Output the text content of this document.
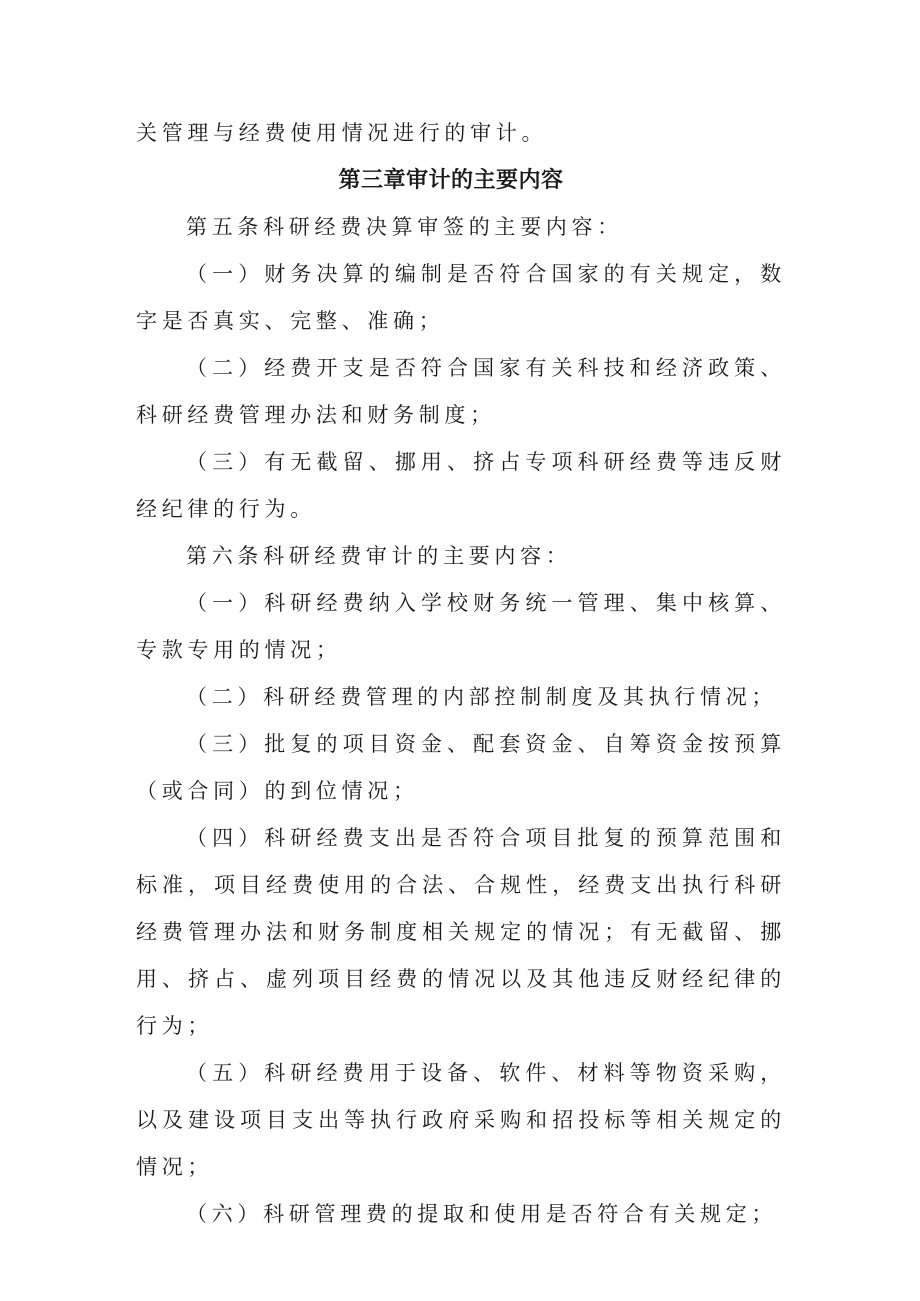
关管理与经费使用情况进行的审计。

第三章审计的主要内容

第五条科研经费决算审签的主要内容：

（一）财务决算的编制是否符合国家的有关规定，数字是否真实、完整、准确；

（二）经费开支是否符合国家有关科技和经济政策、科研经费管理办法和财务制度；

（三）有无截留、挪用、挤占专项科研经费等违反财经纪律的行为。

第六条科研经费审计的主要内容：

（一）科研经费纳入学校财务统一管理、集中核算、专款专用的情况；

（二）科研经费管理的内部控制制度及其执行情况；

（三）批复的项目资金、配套资金、自筹资金按预算（或合同）的到位情况；

（四）科研经费支出是否符合项目批复的预算范围和标准，项目经费使用的合法、合规性，经费支出执行科研经费管理办法和财务制度相关规定的情况；有无截留、挪用、挤占、虚列项目经费的情况以及其他违反财经纪律的行为；

（五）科研经费用于设备、软件、材料等物资采购，以及建设项目支出等执行政府采购和招投标等相关规定的情况；

（六）科研管理费的提取和使用是否符合有关规定；
